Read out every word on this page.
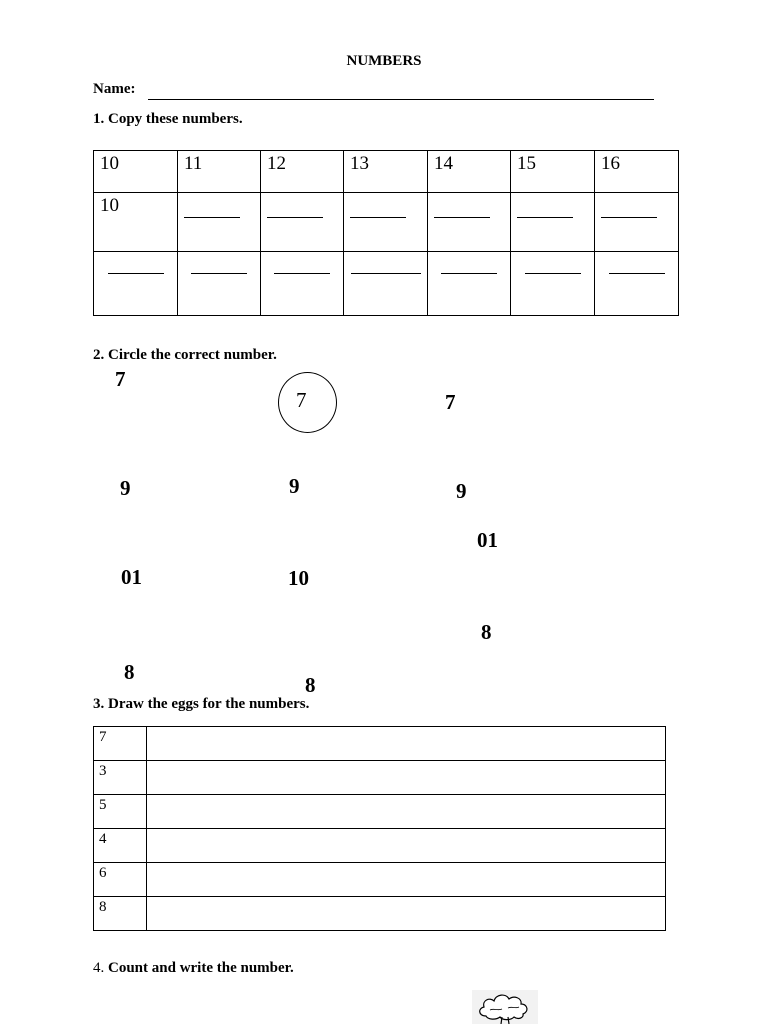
NUMBERS
Name:
1. Copy these numbers.
10	11	12	13	14	15	16
10	

2. Circle the correct number.
7
7	7
9	9	9
01
10
01
8
8
8
3. Draw the eggs for the numbers.
7	
3	
5	
4	
6	
8	
4. Count and write the number.
